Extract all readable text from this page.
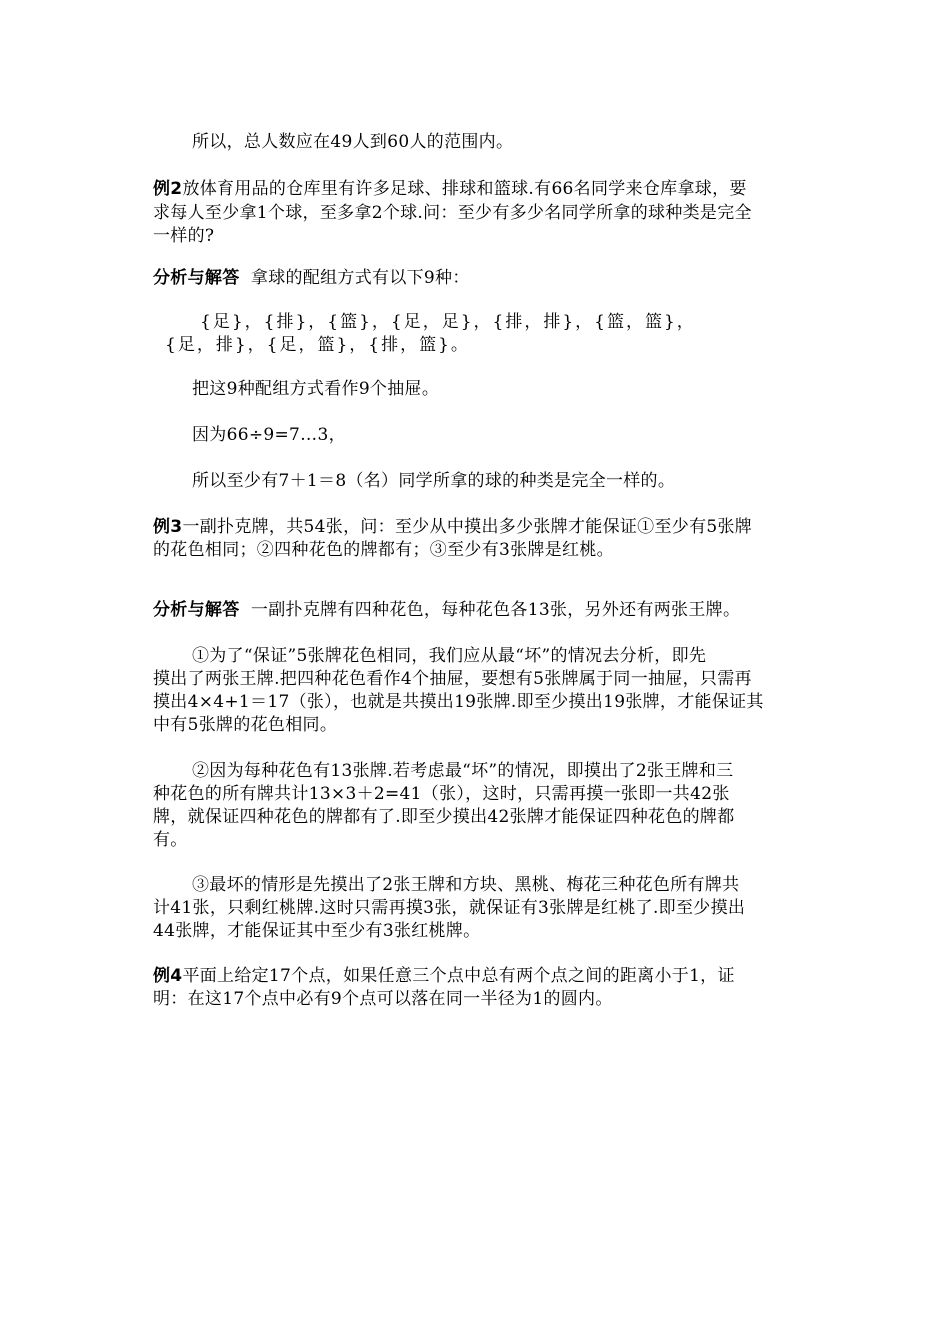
所以，总人数应在49人到60人的范围内。
例2放体育用品的仓库里有许多足球、排球和篮球.有66名同学来仓库拿球，要
求每人至少拿1个球，至多拿2个球.问：至少有多少名同学所拿的球种类是完全
一样的?
分析与解答 拿球的配组方式有以下9种：
{足}，{排}，{篮}，{足，足}，{排，排}，{篮，篮}，
{足，排}，{足，篮}，{排，篮}。
把这9种配组方式看作9个抽屉。
因为66÷9=7…3，
所以至少有7＋1＝8（名）同学所拿的球的种类是完全一样的。
例3一副扑克牌，共54张，问：至少从中摸出多少张牌才能保证①至少有5张牌
的花色相同；②四种花色的牌都有；③至少有3张牌是红桃。
分析与解答 一副扑克牌有四种花色，每种花色各13张，另外还有两张王牌。
①为了“保证”5张牌花色相同，我们应从最“坏”的情况去分析，即先
摸出了两张王牌.把四种花色看作4个抽屉，要想有5张牌属于同一抽屉，只需再
摸出4×4+1＝17（张），也就是共摸出19张牌.即至少摸出19张牌，才能保证其
中有5张牌的花色相同。
②因为每种花色有13张牌.若考虑最“坏”的情况，即摸出了2张王牌和三
种花色的所有牌共计13×3＋2=41（张），这时，只需再摸一张即一共42张
牌，就保证四种花色的牌都有了.即至少摸出42张牌才能保证四种花色的牌都
有。
③最坏的情形是先摸出了2张王牌和方块、黑桃、梅花三种花色所有牌共
计41张，只剩红桃牌.这时只需再摸3张，就保证有3张牌是红桃了.即至少摸出
44张牌，才能保证其中至少有3张红桃牌。
例4平面上给定17个点，如果任意三个点中总有两个点之间的距离小于1，证
明：在这17个点中必有9个点可以落在同一半径为1的圆内。
